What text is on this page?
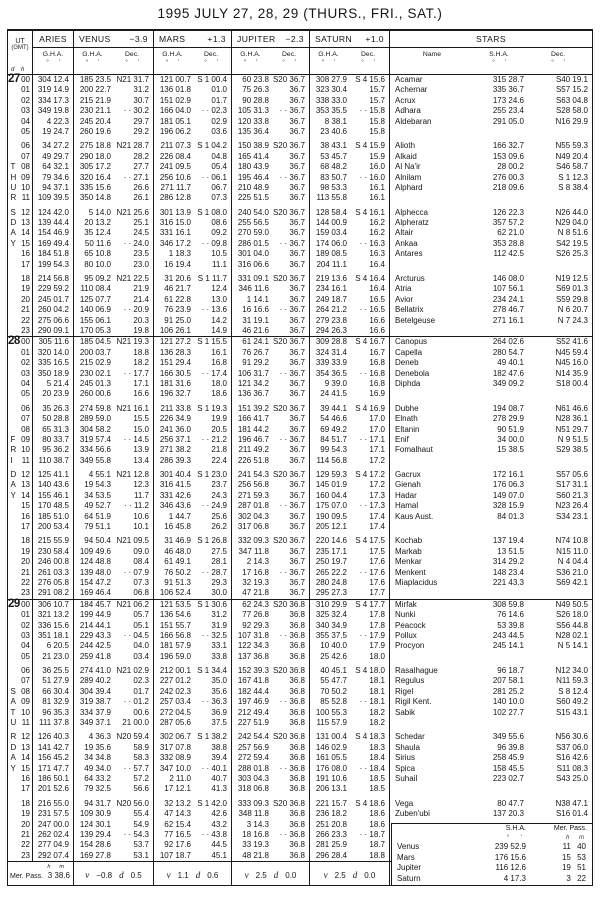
1995 JULY 27, 28, 29 (THURS., FRI., SAT.)
UT
(GMT)
d h
ARIES	VENUS −3.9 MARS	+1.3 JUPITER −2.3 SATURN +1.0	STARS
G.H.A.
° ′
G.H.A.
° ′
Dec.
° ′
G.H.A.
° ′
Dec.
° ′
G.H.A.
° ′
Dec.
° ′
G.H.A.
° ′
Dec.
° ′
Name	S.H.A.
° ′
Dec.
° ′
27 00 304 12.4	185 23.5 N21 31.7	121 00.7 S 1 00.4	60 23.8 S20 36.7	308 27.9	S 4 15.6	Acamar	315 28.7	S40 19.1
01 319 14.9	200 22.7	31.2	136 01.8	01.0	75 26.3	36.7	323 30.4	15.7	Achernar	335 36.7	S57 15.2
02 334 17.3	215 21.9	30.7	151 02.9	01.7	90 28.8	36.7	338 33.0	15.7	Acrux	173 24.6	S63 04.8
03 349 19.8	230 21.1	· · 30.2	166 04.0	· · 02.3	105 31.3	· · 36.7	353 35.5	· · 15.8	Adhara	255 23.4	S28 58.0
04	4 22.3	245 20.4	29.7	181 05.1	02.9	120 33.8	36.7	8 38.1	15.8	Aldebaran	291 05.0	N16 29.9
05	19 24.7	260 19.6	29.2	196 06.2	03.6	135 36.4	36.7	23 40.6	15.8
06	34 27.2	275 18.8 N21 28.7	211 07.3 S 1 04.2	150 38.9 S20 36.7	38 43.1	S 4 15.9	Alioth	166 32.7	N55 59.3
07	49 29.7	290 18.0	28.2	226 08.4	04.8	165 41.4	36.7	53 45.7	15.9	Alkaid	153 09.6	N49 20.4
T 08	64 32.1	305 17.2	27.7	241 09.5	05.4	180 43.9	36.7	68 48.2	16.0	Al Na'ir	28 00.2	S46 58.7
H 09	79 34.6	320 16.4	· · 27.1	256 10.6	· · 06.1	195 46.4	· · 36.7	83 50.7	· · 16.0	Alnilam	276 00.3	S 1 12.3
U 10	94 37.1	335 15.6	26.6	271 11.7	06.7	210 48.9	36.7	98 53.3	16.1	Alphard	218 09.6	S 8 38.4
R 11 109 39.5	350 14.8	26.1	286 12.8	07.3	225 51.5	36.7	113 55.8	16.1
S 12 124 42.0	5 14.0 N21 25.6	301 13.9 S 1 08.0	240 54.0 S20 36.7	128 58.4	S 4 16.1	Alphecca	126 22.3	N26 44.0
D 13 139 44.4	20 13.2	25.1	316 15.0	08.6	255 56.5	36.7	144 00.9	16.2	Alpheratz	357 57.2	N29 04.0
A 14 154 46.9	35 12.4	24.5	331 16.1	09.2	270 59.0	36.7	159 03.4	16.2	Altair	62 21.0	N 8 51.6
Y 15 169 49.4	50 11.6	· · 24.0	346 17.2	· · 09.8	286 01.5	· · 36.7	174 06.0	· · 16.3	Ankaa	353 28.8	S42 19.5
16 184 51.8	65 10.8	23.5	1 18.3	10.5	301 04.0	36.7	189 08.5	16.3	Antares	112 42.5	S26 25.3
17 199 54.3	80 10.0	23.0	16 19.4	11.1	316 06.6	36.7	204 11.1	16.4
18 214 56.8	95 09.2 N21 22.5	31 20.6 S 1 11.7	331 09.1 S20 36.7	219 13.6	S 4 16.4	Arcturus	146 08.0	N19 12.5
19 229 59.2	110 08.4	21.9	46 21.7	12.4	346 11.6	36.7	234 16.1	16.4	Atria	107 56.1	S69 01.3
20 245 01.7	125 07.7	21.4	61 22.8	13.0	1 14.1	36.7	249 18.7	16.5	Avior	234 24.1	S59 29.8
21 260 04.2	140 06.9	· · 20.9	76 23.9	· · 13.6	16 16.6	· · 36.7	264 21.2	· · 16.5	Bellatrix	278 46.7	N 6 20.7
22 275 06.6	155 06.1	20.3	91 25.0	14.2	31 19.1	36.7	279 23.8	16.6	Betelgeuse	271 16.1	N 7 24.3
23 290 09.1	170 05.3	19.8	106 26.1	14.9	46 21.6	36.7	294 26.3	16.6
28 00	305 11.6	185 04.5 N21 19.3	121 27.2 S 1 15.5	61 24.1 S20 36.7	309 28.8	S 4 16.7	Canopus	264 02.6	S52 41.6
01 320 14.0	200 03.7	18.8	136 28.3	16.1	76 26.7	36.7	324 31.4	16.7	Capella	280 54.7	N45 59.4
02 335 16.5	215 02.9	18.2	151 29.4	16.8	91 29.2	36.7	339 33.9	16.8	Deneb	49 40.1	N45 16.0
03 350 18.9	230 02.1	· · 17.7	166 30.5	· · 17.4	106 31.7	· · 36.7	354 36.5	· · 16.8	Denebola	182 47.6	N14 35.9
04	5 21.4	245 01.3	17.1	181 31.6	18.0	121 34.2	36.7	9 39.0	16.8	Diphda	349 09.2	S18 00.4
05	20 23.9	260 00.6	16.6	196 32.7	18.6	136 36.7	36.7	24 41.5	16.9
06	35 26.3	274 59.8 N21 16.1	211 33.8 S 1 19.3	151 39.2 S20 36.7	39 44.1	S 4 16.9	Dubhe	194 08.7	N61 46.6
07	50 28.8	289 59.0	15.5	226 34.9	19.9	166 41.7	36.7	54 46.6	17.0	Elnath	278 29.9	N28 36.1
08	65 31.3	304 58.2	15.0	241 36.0	20.5	181 44.2	36.7	69 49.2	17.0	Eltanin	90 51.9	N51 29.7
F 09	80 33.7	319 57.4	· · 14.5	256 37.1	· · 21.2	196 46.7	· · 36.7	84 51.7	· · 17.1	Enif	34 00.0	N 9 51.5
R 10	95 36.2	334 56.6	13.9	271 38.2	21.8	211 49.2	36.7	99 54.3	17.1	Fomalhaut	15 38.5	S29 38.5
I 11	110 38.7	349 55.8	13.4	286 39.3	22.4	226 51.8	36.7	114 56.8	17.2
D 12 125 41.1	4 55.1 N21 12.8	301 40.4 S 1 23.0	241 54.3 S20 36.7	129 59.3	S 4 17.2	Gacrux	172 16.1	S57 05.6
A 13 140 43.6	19 54.3	12.3	316 41.5	23.7	256 56.8	36.7	145 01.9	17.2	Gienah	176 06.3	S17 31.1
Y 14 155 46.1	34 53.5	11.7	331 42.6	24.3	271 59.3	36.7	160 04.4	17.3	Hadar	149 07.0	S60 21.3
15 170 48.5	49 52.7	· · 11.2	346 43.6	· · 24.9	287 01.8	· · 36.7	175 07.0	· · 17.3	Hamal	328 15.9	N23 26.4
16 185 51.0	64 51.9	10.6	1 44.7	25.6	302 04.3	36.7	190 09.5	17.4	Kaus Aust.	84 01.3	S34 23.1
17 200 53.4	79 51.1	10.1	16 45.8	26.2	317 06.8	36.7	205 12.1	17.4
18 215 55.9	94 50.4 N21 09.5	31 46.9 S 1 26.8	332 09.3 S20 36.7	220 14.6	S 4 17.5	Kochab	137 19.4	N74 10.8
19 230 58.4	109 49.6	09.0	46 48.0	27.5	347 11.8	36.7	235 17.1	17.5	Markab	13 51.5	N15 11.0
20 246 00.8	124 48.8	08.4	61 49.1	28.1	2 14.3	36.7	250 19.7	17.6	Menkar	314 29.2	N 4 04.4
21 261 03.3	139 48.0	· · 07.9	76 50.2	· · 28.7	17 16.8	· · 36.7	265 22.2	· · 17.6	Menkent	148 23.4	S36 21.0
22 276 05.8	154 47.2	07.3	91 51.3	29.3	32 19.3	36.7	280 24.8	17.6	Miaplacidus	221 43.3	S69 42.1
23 291 08.2	169 46.4	06.8	106 52.4	30.0	47 21.8	36.7	295 27.3	17.7
29 00 306 10.7	184 45.7 N21 06.2	121 53.5 S 1 30.6	62 24.3 S20 36.8	310 29.9	S 4 17.7	Mirfak	308 59.8	N49 50.5
01 321 13.2	199 44.9	05.7	136 54.6	31.2	77 26.8	36.8	325 32.4	17.8	Nunki	76 14.6	S26 18.0
02 336 15.6	214 44.1	05.1	151 55.7	31.9	92 29.3	36.8	340 34.9	17.8	Peacock	53 39.8	S56 44.8
03 351 18.1	229 43.3	· · 04.5	166 56.8	· · 32.5	107 31.8	· · 36.8	355 37.5	· · 17.9	Pollux	243 44.5	N28 02.1
04	6 20.5	244 42.5	04.0	181 57.9	33.1	122 34.3	36.8	10 40.0	17.9	Procyon	245 14.1	N 5 14.1
05	21 23.0	259 41.8	03.4	196 59.0	33.8	137 36.8	36.8	25 42.6	18.0
06	36 25.5	274 41.0 N21 02.9	212 00.1 S 1 34.4	152 39.3 S20 36.8	40 45.1	S 4 18.0	Rasalhague	96 18.7	N12 34.0
07	51 27.9	289 40.2	02.3	227 01.2	35.0	167 41.8	36.8	55 47.7	18.1	Regulus	207 58.1	N11 59.3
S 08	66 30.4	304 39.4	01.7	242 02.3	35.6	182 44.4	36.8	70 50.2	18.1	Rigel	281 25.2	S 8 12.4
A 09	81 32.9	319 38.7	· · 01.2	257 03.4	· · 36.3	197 46.9	· · 36.8	85 52.8	· · 18.1	Rigil Kent.	140 10.0	S60 49.2
T 10	96 35.3	334 37.9	00.6	272 04.5	36.9	212 49.4	36.8	100 55.3	18.2	Sabik	102 27.7	S15 43.1
U 11	111 37.8	349 37.1	21 00.0	287 05.6	37.5	227 51.9	36.8	115 57.9	18.2
R 12 126 40.3	4 36.3 N20 59.4	302 06.7 S 1 38.2	242 54.4 S20 36.8	131 00.4	S 4 18.3	Schedar	349 55.6	N56 30.6
D 13 141 42.7	19 35.6	58.9	317 07.8	38.8	257 56.9	36.8	146 02.9	18.3	Shaula	96 39.8	S37 06.0
A 14 156 45.2	34 34.8	58.3	332 08.9	39.4	272 59.4	36.8	161 05.5	18.4	Sirius	258 45.9	S16 42.6
Y 15 171 47.7	49 34.0	· · 57.7	347 10.0	· · 40.1	288 01.8	· · 36.8	176 08.0	· · 18.4	Spica	158 45.5	S11 08.3
16 186 50.1	64 33.2	57.2	2 11.0	40.7	303 04.3	36.8	191 10.6	18.5	Suhail	223 02.7	S43 25.0
17 201 52.6	79 32.5	56.6	17 12.1	41.3	318 06.8	36.8	206 13.1	18.5
18 216 55.0	94 31.7 N20 56.0	32 13.2 S 1 42.0	333 09.3 S20 36.8	221 15.7	S 4 18.6	Vega	80 47.7	N38 47.1
19 231 57.5	109 30.9	55.4	47 14.3	42.6	348 11.8	36.8	236 18.2	18.6	Zuben'ubi	137 20.3	S16 01.4
20 247 00.0	124 30.1	54.9	62 15.4	43.2	3 14.3	36.8	251 20.8	18.6
21 262 02.4	139 29.4	· · 54.3	77 16.5	· · 43.8	18 16.8	· · 36.8	266 23.3	· · 18.7
22 277 04.9	154 28.6	53.7	92 17.6	44.5	33 19.3	36.8	281 25.9	18.7
23 292 07.4	169 27.8	53.1	107 18.7	45.1	48 21.8	36.8	296 28.4	18.8
Mer. Pass.
h m
3 38.6 v −0.8 d 0.5	v 1.1 d 0.6	v 2.5 d 0.0	v 2.5 d 0.0
S.H.A.	Mer. Pass.
° ′	h m
Venus	239 52.9	11 40
Mars	176 15.6	15 53
Jupiter	116 12.6	19 51
Saturn	4 17.3	3 22
